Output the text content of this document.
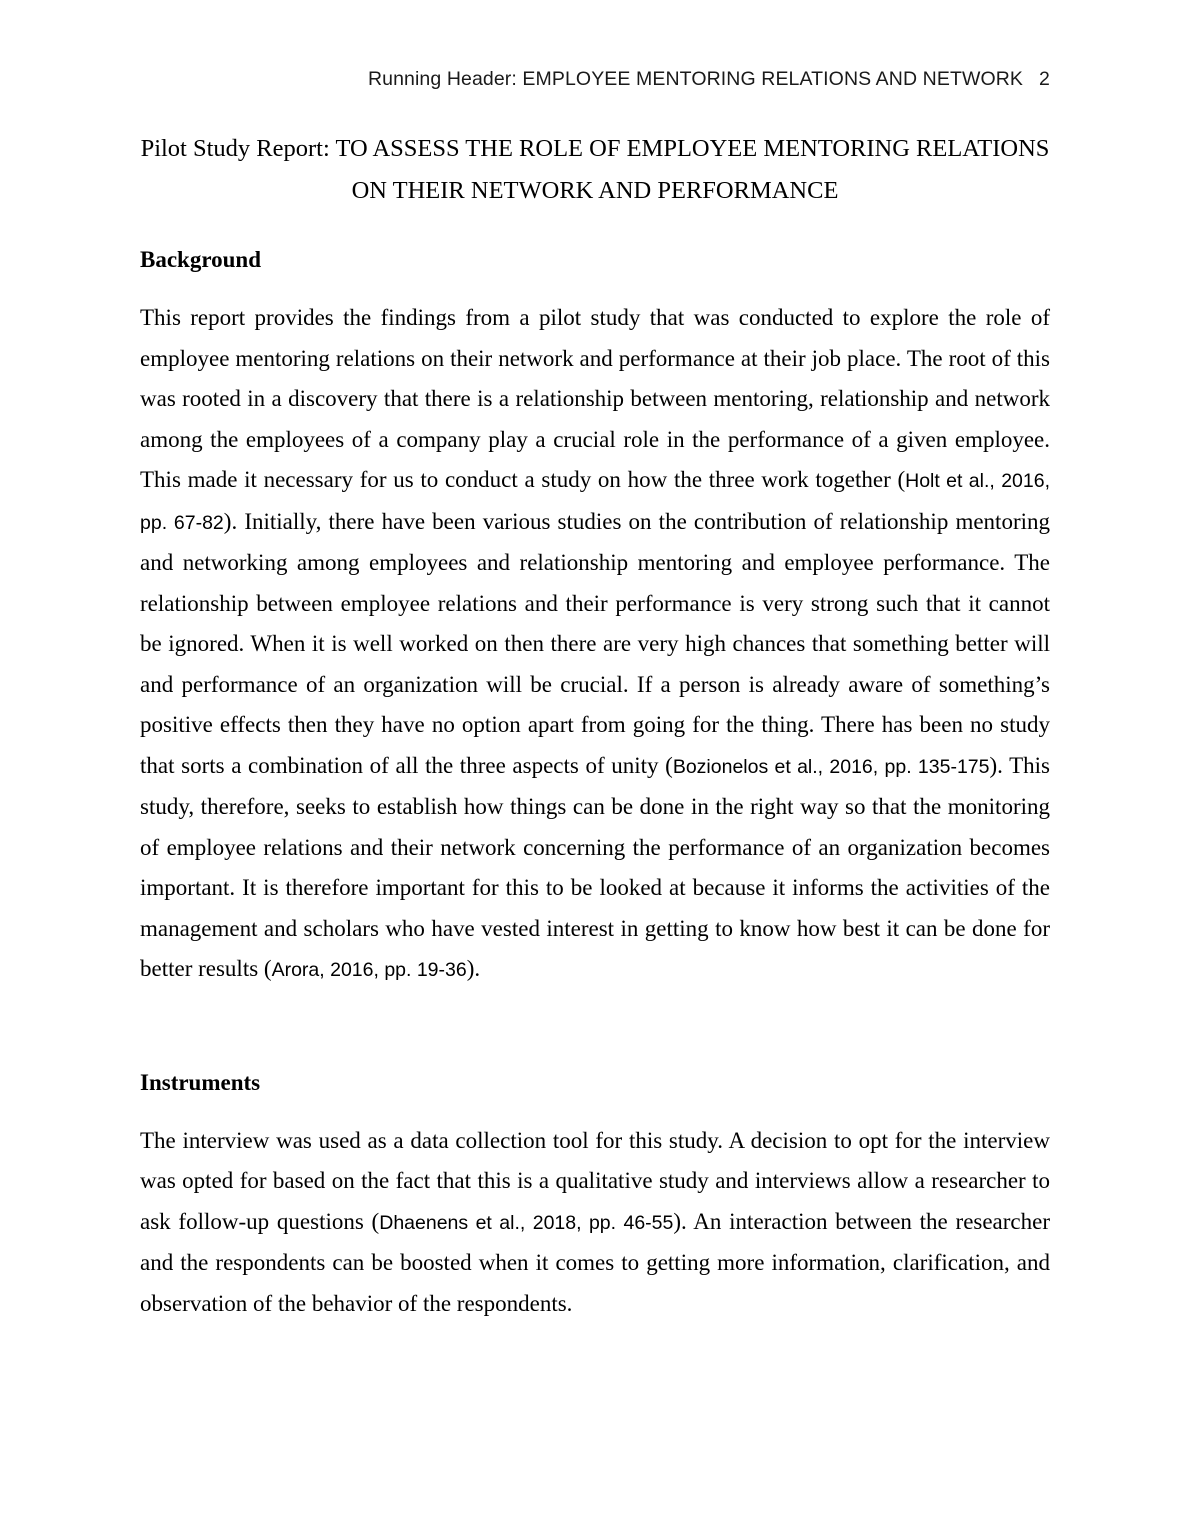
Running Header: EMPLOYEE MENTORING RELATIONS AND NETWORK 2
Pilot Study Report: TO ASSESS THE ROLE OF EMPLOYEE MENTORING RELATIONS
ON THEIR NETWORK AND PERFORMANCE
Background

This report provides the findings from a pilot study that was conducted to explore the role of employee mentoring relations on their network and performance at their job place. The root of this was rooted in a discovery that there is a relationship between mentoring, relationship and network among the employees of a company play a crucial role in the performance of a given employee. This made it necessary for us to conduct a study on how the three work together (Holt et al., 2016, pp. 67-82). Initially, there have been various studies on the contribution of relationship mentoring and networking among employees and relationship mentoring and employee performance. The relationship between employee relations and their performance is very strong such that it cannot be ignored. When it is well worked on then there are very high chances that something better will and performance of an organization will be crucial. If a person is already aware of something’s positive effects then they have no option apart from going for the thing. There has been no study that sorts a combination of all the three aspects of unity (Bozionelos et al., 2016, pp. 135-175). This study, therefore, seeks to establish how things can be done in the right way so that the monitoring of employee relations and their network concerning the performance of an organization becomes important. It is therefore important for this to be looked at because it informs the activities of the management and scholars who have vested interest in getting to know how best it can be done for better results (Arora, 2016, pp. 19-36).

Instruments

The interview was used as a data collection tool for this study. A decision to opt for the interview was opted for based on the fact that this is a qualitative study and interviews allow a researcher to ask follow-up questions (Dhaenens et al., 2018, pp. 46-55). An interaction between the researcher and the respondents can be boosted when it comes to getting more information, clarification, and observation of the behavior of the respondents.
